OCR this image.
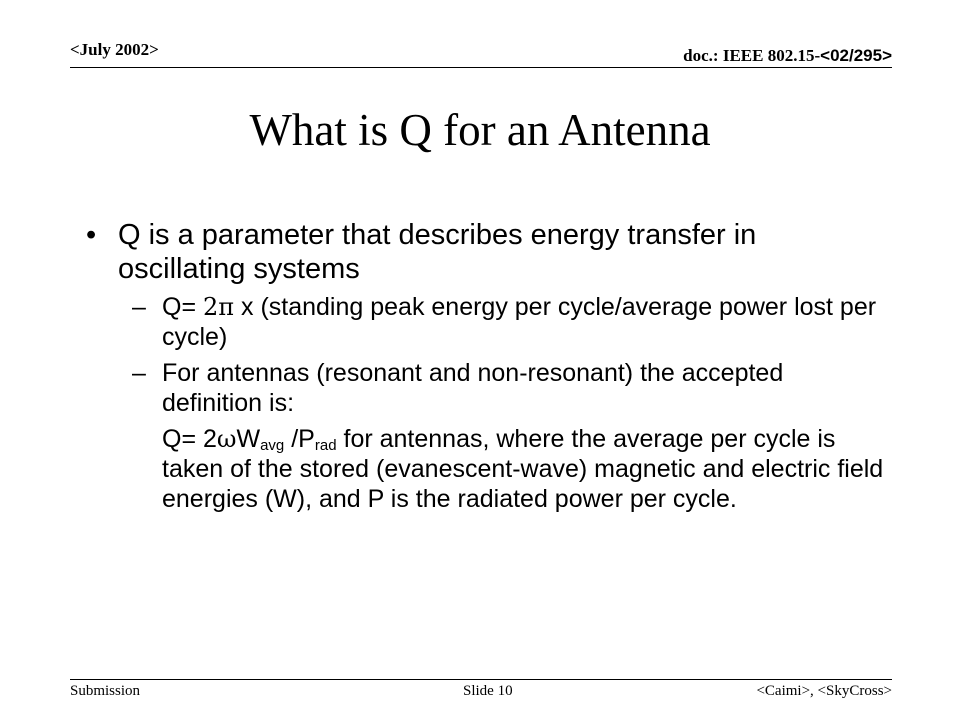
<July 2002>	doc.: IEEE 802.15-<02/295>
What is Q for an Antenna
• Q is a parameter that describes energy transfer in oscillating systems
– Q= 2π x (standing peak energy per cycle/average power lost per cycle)
– For antennas (resonant and non-resonant) the accepted definition is:
$Q= 2\omega W_{avg}$ $/P_{rad}$ for antennas, where the average per cycle is taken of the stored (evanescent-wave) magnetic and electric field energies (W), and P is the radiated power per cycle.
Submission	Slide 10	<Caimi>, <SkyCross>
